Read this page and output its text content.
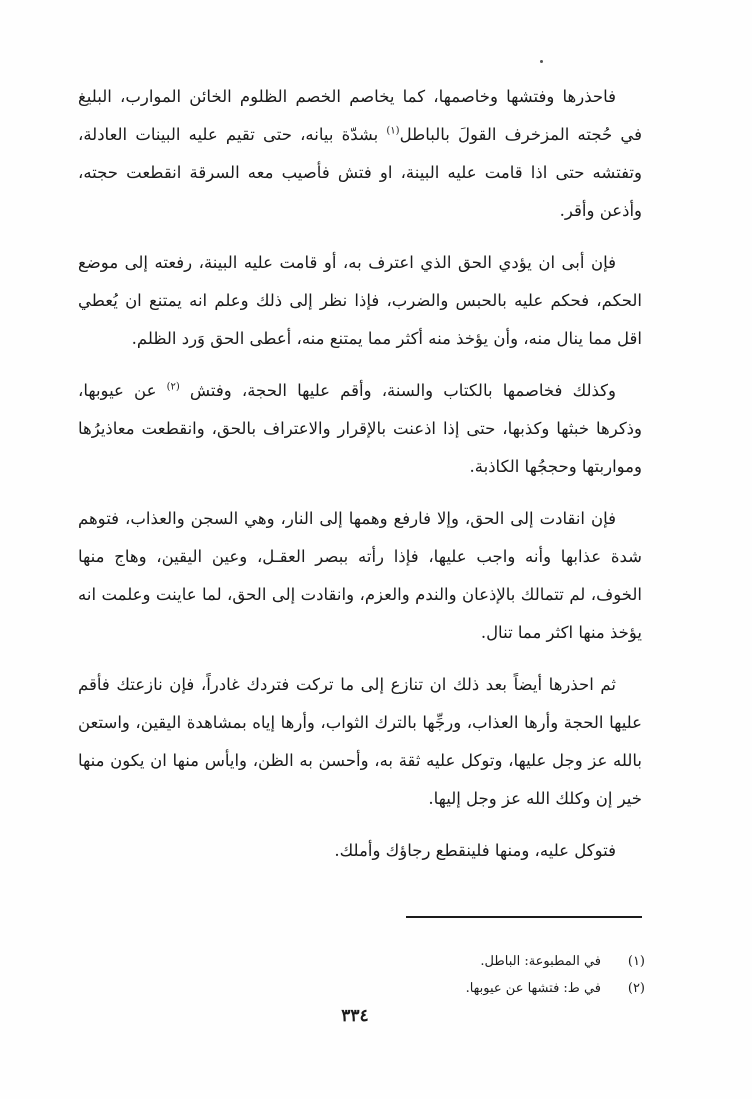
فاحذرها وفتشها وخاصمها، كما يخاصم الخصم الظلوم الخائن الموارب، البليغ في حُجته المزخرف القولَ بالباطل$^{(١)}$ بشدّة بيانه، حتى تقيم عليه البينات العادلة، وتفتشه حتى اذا قامت عليه البينة، او فتش فأصيب معه السرقة انقطعت حجته، وأذعن وأقر.

فإن أبى ان يؤدي الحق الذي اعترف به، أو قامت عليه البينة، رفعته إلى موضع الحكم، فحكم عليه بالحبس والضرب، فإذا نظر إلى ذلك وعلم انه يمتنع ان يُعطي اقل مما ينال منه، وأن يؤخذ منه أكثر مما يمتنع منه، أعطى الحق وَرد الظلم.

وكذلك فخاصمها بالكتاب والسنة، وأقم عليها الحجة، وفتش $^{(٢)}$ عن عيوبها، وذكرها خبثها وكذبها، حتى إذا اذعنت بالإقرار والاعتراف بالحق، وانقطعت معاذيرُها ومواربتها وحججُها الكاذبة.

فإن انقادت إلى الحق، وإلا فارفع وهمها إلى النار، وهي السجن والعذاب، فتوهم شدة عذابها وأنه واجب عليها، فإذا رأته ببصر العقـل، وعين اليقين، وهاج منها الخوف، لم تتمالك بالإذعان والندم والعزم، وانقادت إلى الحق، لما عاينت وعلمت انه يؤخذ منها اكثر مما تنال.

ثم احذرها أيضاً بعد ذلك ان تنازع إلى ما تركت فتردك غادراً، فإن نازعتك فأقم عليها الحجة وأرها العذاب، ورجِّها بالترك الثواب، وأرها إياه بمشاهدة اليقين، واستعن بالله عز وجل عليها، وتوكل عليه ثقة به، وأحسن به الظن، وايأس منها ان يكون منها خير إن وكلك الله عز وجل إليها.

فتوكل عليه، ومنها فلينقطع رجاؤك وأملك.

(١)
في المطبوعة: الباطل.
(٢)
في ط: فتشها عن عيوبها.
٣٣٤
